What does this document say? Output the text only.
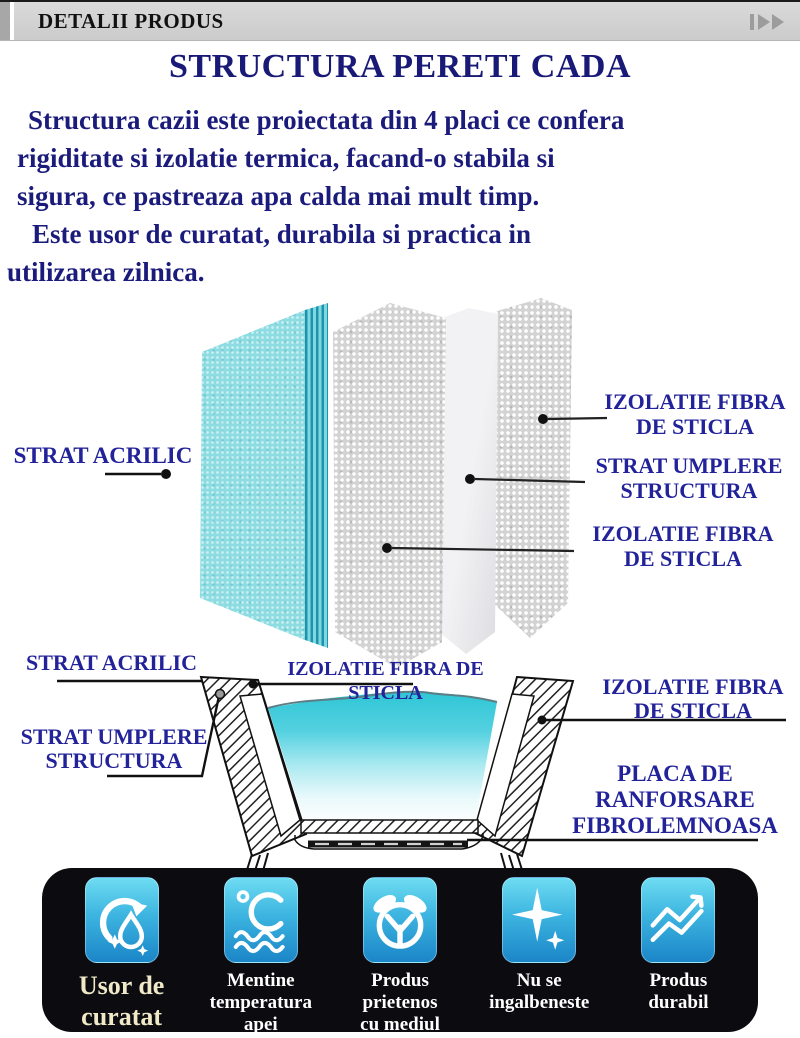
DETALII PRODUS
STRUCTURA PERETI CADA
Structura cazii este proiectata din 4 placi ce confera
rigiditate si izolatie termica, facand-o stabila si
sigura, ce pastreaza apa calda mai mult timp.
Este usor de curatat, durabila si practica in
utilizarea zilnica.
STRAT ACRILIC
IZOLATIE FIBRA
DE STICLA
STRAT UMPLERE
STRUCTURA
IZOLATIE FIBRA
DE STICLA
STRAT ACRILIC	IZOLATIE FIBRA DE STICLA	IZOLATIE FIBRA
DE STICLA
STRAT UMPLERE
STRUCTURA
PLACA DE
RANFORSARE
FIBROLEMNOASA
Usor de
curatat
Mentine
temperatura
apei
Produs
prietenos
cu mediul
Nu se
ingalbeneste
Produs
durabil
